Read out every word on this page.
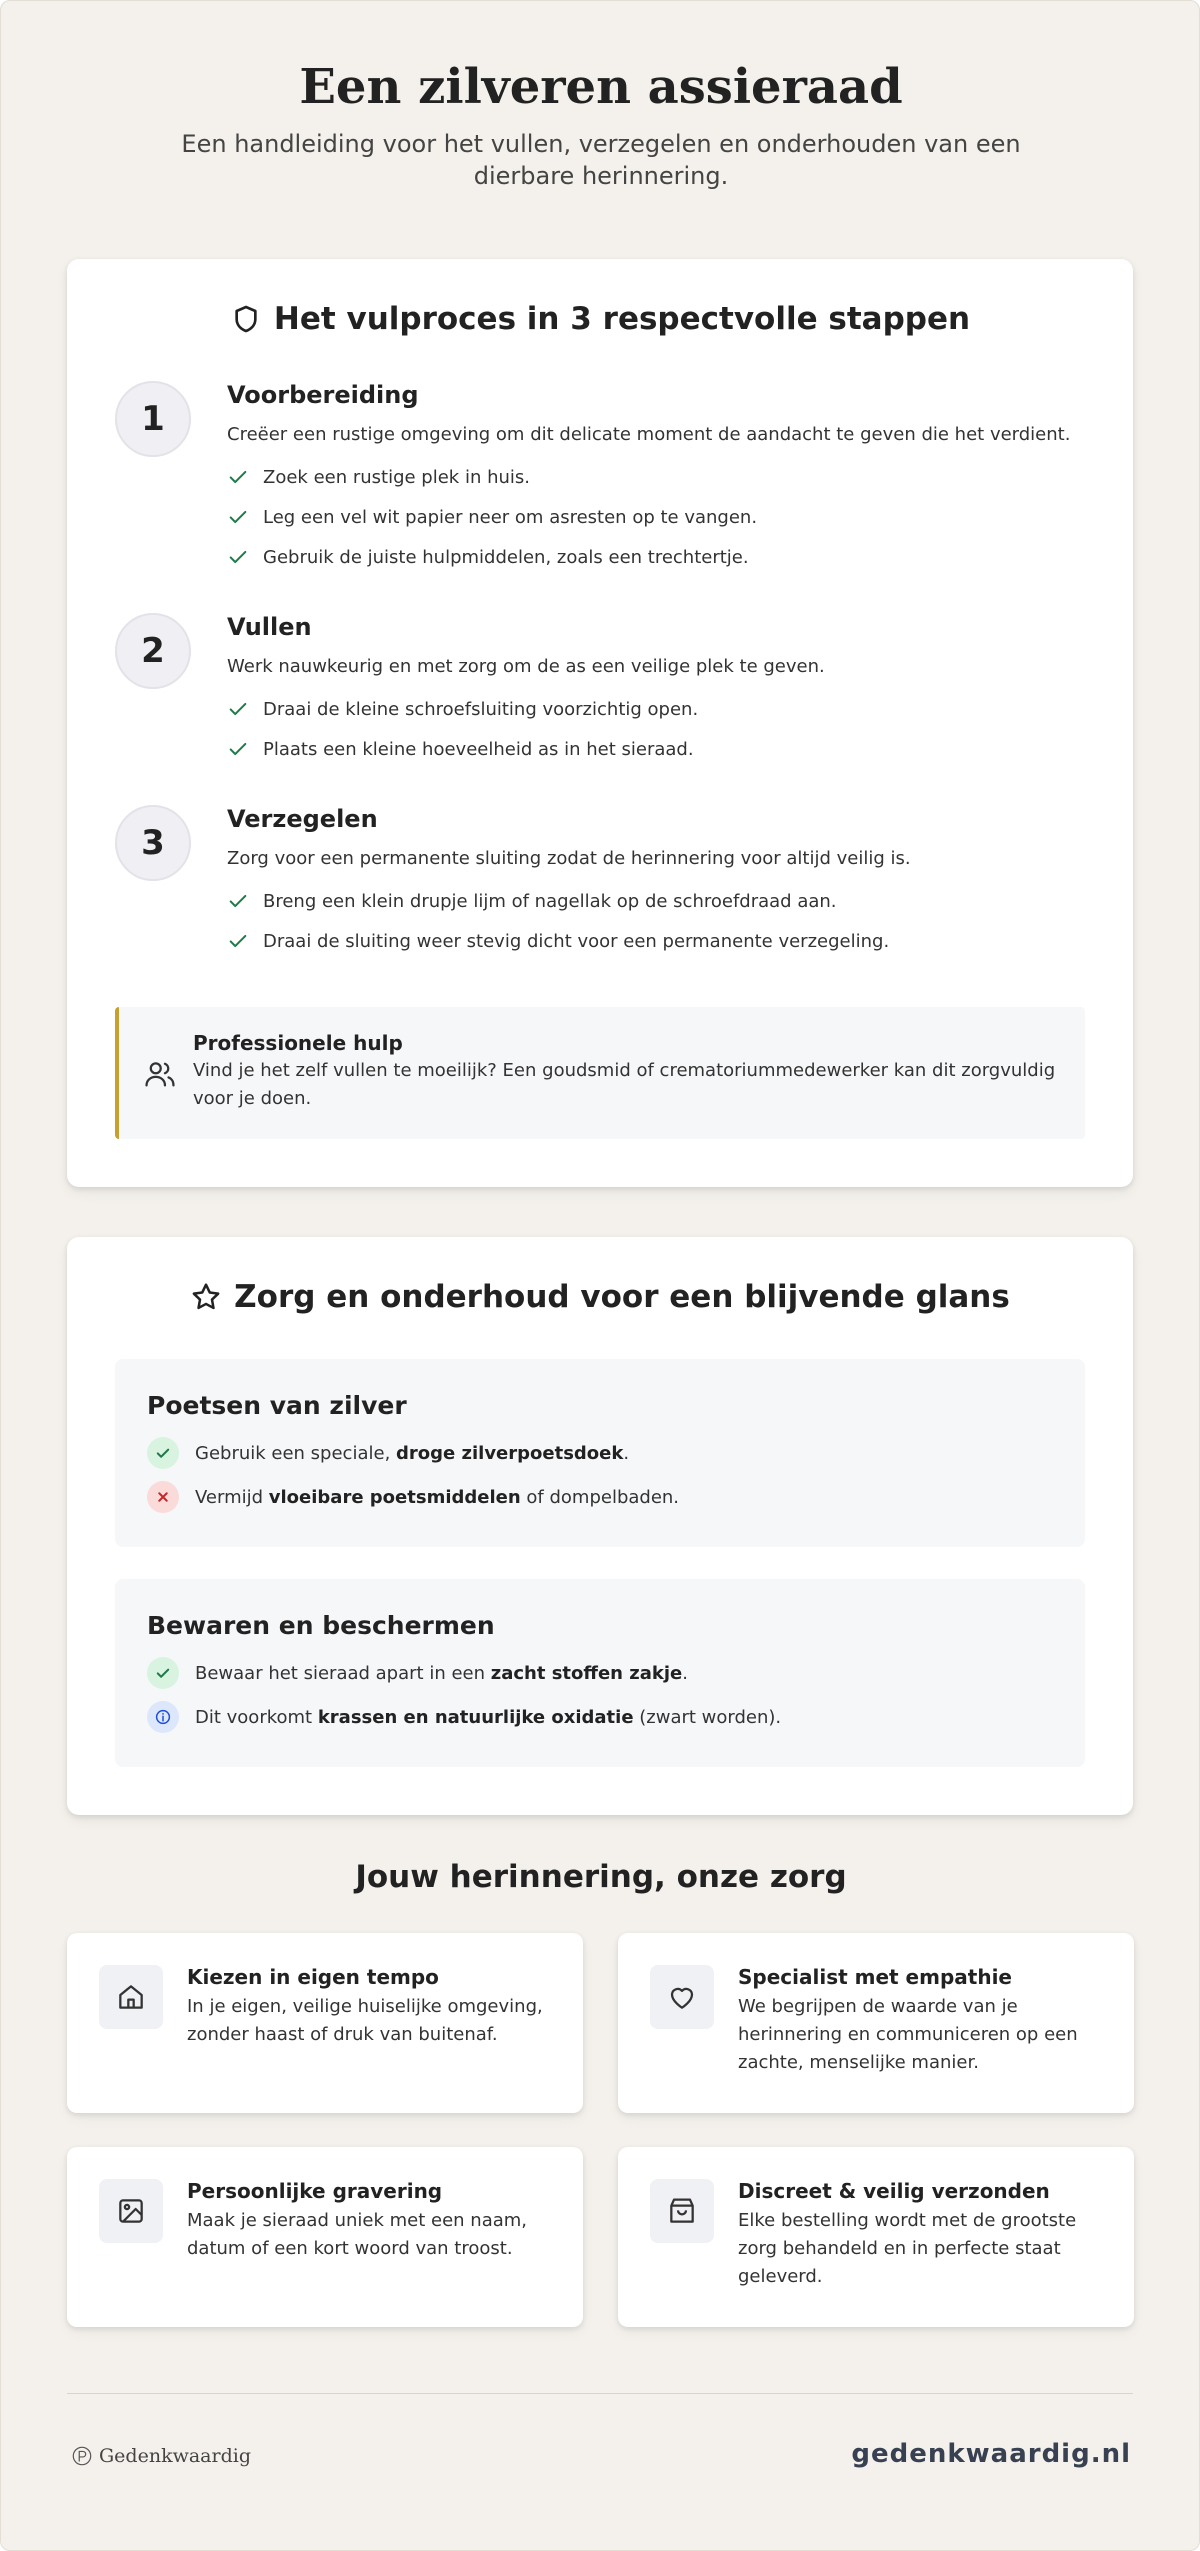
Een zilveren assieraad

Een handleiding voor het vullen, verzegelen en onderhouden van een dierbare herinnering.

Het vulproces in 3 respectvolle stappen
1
Voorbereiding

Creëer een rustige omgeving om dit delicate moment de aandacht te geven die het verdient.

Zoek een rustige plek in huis.
Leg een vel wit papier neer om asresten op te vangen.
Gebruik de juiste hulpmiddelen, zoals een trechtertje.
2
Vullen

Werk nauwkeurig en met zorg om de as een veilige plek te geven.

Draai de kleine schroefsluiting voorzichtig open.
Plaats een kleine hoeveelheid as in het sieraad.
3
Verzegelen

Zorg voor een permanente sluiting zodat de herinnering voor altijd veilig is.

Breng een klein drupje lijm of nagellak op de schroefdraad aan.
Draai de sluiting weer stevig dicht voor een permanente verzegeling.
Professionele hulp

Vind je het zelf vullen te moeilijk? Een goudsmid of crematoriummedewerker kan dit zorgvuldig voor je doen.

Zorg en onderhoud voor een blijvende glans
Poetsen van zilver
Gebruik een speciale, droge zilverpoetsdoek.
Vermijd vloeibare poetsmiddelen of dompelbaden.
Bewaren en beschermen
Bewaar het sieraad apart in een zacht stoffen zakje.
Dit voorkomt krassen en natuurlijke oxidatie (zwart worden).
Jouw herinnering, onze zorg
Kiezen in eigen tempo

In je eigen, veilige huiselijke omgeving, zonder haast of druk van buitenaf.

Specialist met empathie

We begrijpen de waarde van je herinnering en communiceren op een zachte, menselijke manier.

Persoonlijke gravering

Maak je sieraad uniek met een naam, datum of een kort woord van troost.

Discreet & veilig verzonden

Elke bestelling wordt met de grootste zorg behandeld en in perfecte staat geleverd.

Gedenkwaardig	gedenkwaardig.nl
